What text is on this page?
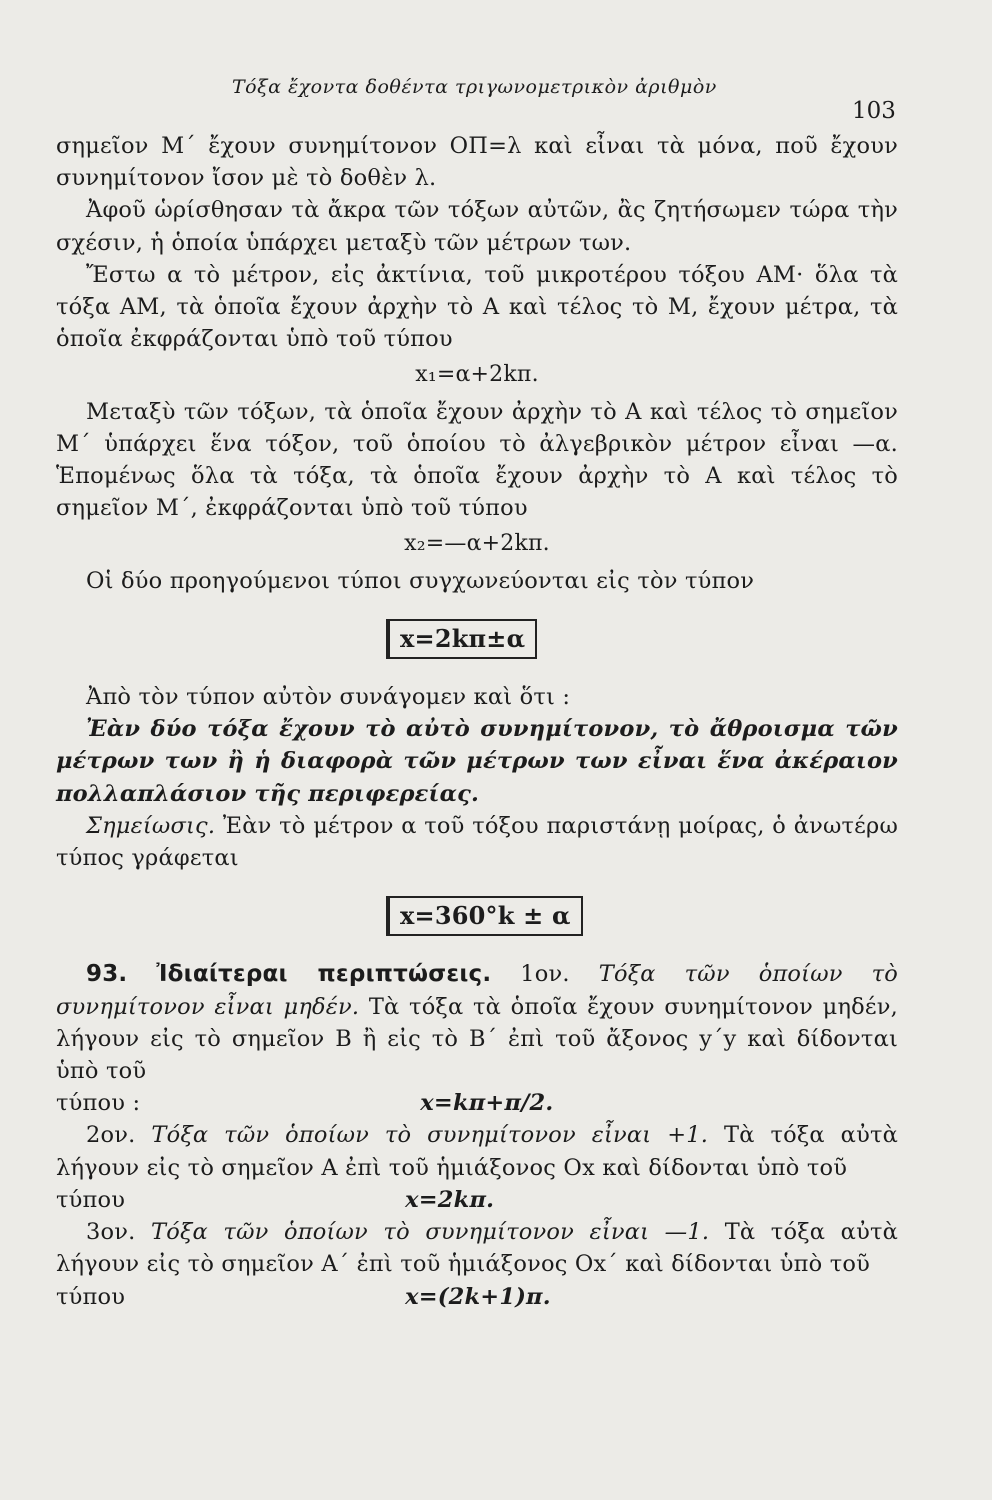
Τόξα ἔχοντα δοθέντα τριγωνομετρικὸν ἀριθμὸν
103

σημεῖον Μ΄ ἔχουν συνημίτονον ΟΠ=λ καὶ εἶναι τὰ μόνα, ποῦ ἔχουν συνημίτονον ἴσον μὲ τὸ δοθὲν λ.

Ἀφοῦ ὡρίσθησαν τὰ ἄκρα τῶν τόξων αὐτῶν, ἂς ζητήσωμεν τώρα τὴν σχέσιν, ἡ ὁποία ὑπάρχει μεταξὺ τῶν μέτρων των.

Ἔστω α τὸ μέτρον, εἰς ἀκτίνια, τοῦ μικροτέρου τόξου ΑΜ· ὅλα τὰ τόξα ΑΜ, τὰ ὁποῖα ἔχουν ἀρχὴν τὸ Α καὶ τέλος τὸ Μ, ἔχουν μέτρα, τὰ ὁποῖα ἐκφράζονται ὑπὸ τοῦ τύπου

x₁=α+2kπ.

Μεταξὺ τῶν τόξων, τὰ ὁποῖα ἔχουν ἀρχὴν τὸ Α καὶ τέλος τὸ σημεῖον Μ΄ ὑπάρχει ἕνα τόξον, τοῦ ὁποίου τὸ ἀλγεβρικὸν μέτρον εἶναι —α. Ἑπομένως ὅλα τὰ τόξα, τὰ ὁποῖα ἔχουν ἀρχὴν τὸ Α καὶ τέλος τὸ σημεῖον Μ΄, ἐκφράζονται ὑπὸ τοῦ τύπου

x₂=—α+2kπ.

Οἱ δύο προηγούμενοι τύποι συγχωνεύονται εἰς τὸν τύπον

x=2kπ±α

Ἀπὸ τὸν τύπον αὐτὸν συνάγομεν καὶ ὅτι :

Ἐὰν δύο τόξα ἔχουν τὸ αὐτὸ συνημίτονον, τὸ ἄθροισμα τῶν μέτρων των ἢ ἡ διαφορὰ τῶν μέτρων των εἶναι ἕνα ἀκέραιον πολλαπλάσιον τῆς περιφερείας.

Σημείωσις. Ἐὰν τὸ μέτρον α τοῦ τόξου παριστάνῃ μοίρας, ὁ ἀνωτέρω τύπος γράφεται

x=360°k ± α

93. Ἰδιαίτεραι περιπτώσεις. 1ον. Τόξα τῶν ὁποίων τὸ συνημίτονον εἶναι μηδέν. Τὰ τόξα τὰ ὁποῖα ἔχουν συνημίτονον μηδέν, λήγουν εἰς τὸ σημεῖον Β ἢ εἰς τὸ Β΄ ἐπὶ τοῦ ἄξονος y΄y καὶ δίδονται ὑπὸ τοῦ

τύπου :	x=kπ+π/2.

2ον. Τόξα τῶν ὁποίων τὸ συνημίτονον εἶναι +1. Τὰ τόξα αὐτὰ λήγουν εἰς τὸ σημεῖον Α ἐπὶ τοῦ ἡμιάξονος Οx καὶ δίδονται ὑπὸ τοῦ

τύπου	x=2kπ.

3ον. Τόξα τῶν ὁποίων τὸ συνημίτονον εἶναι —1. Τὰ τόξα αὐτὰ λήγουν εἰς τὸ σημεῖον Α΄ ἐπὶ τοῦ ἡμιάξονος Οx΄ καὶ δίδονται ὑπὸ τοῦ

τύπου	x=(2k+1)π.
